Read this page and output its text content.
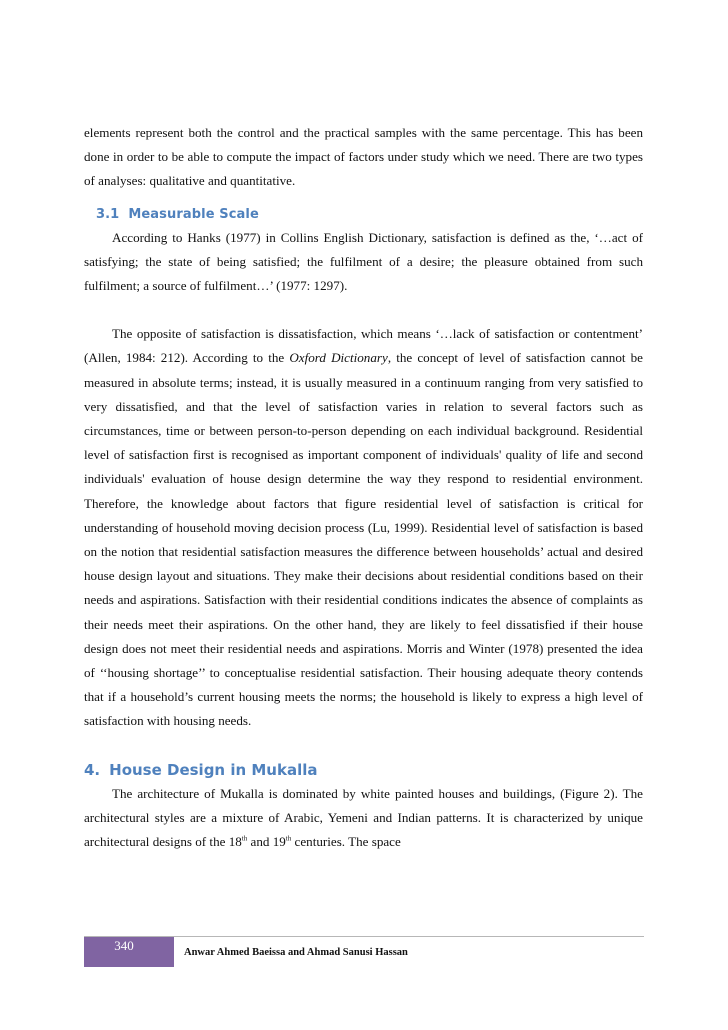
elements represent both the control and the practical samples with the same percentage. This has been done in order to be able to compute the impact of factors under study which we need. There are two types of analyses: qualitative and quantitative.

3.1 Measurable Scale

According to Hanks (1977) in Collins English Dictionary, satisfaction is defined as the, ‘…act of satisfying; the state of being satisfied; the fulfilment of a desire; the pleasure obtained from such fulfilment; a source of fulfilment…’ (1977: 1297).

The opposite of satisfaction is dissatisfaction, which means ‘…lack of satisfaction or contentment’ (Allen, 1984: 212). According to the Oxford Dictionary, the concept of level of satisfaction cannot be measured in absolute terms; instead, it is usually measured in a continuum ranging from very satisfied to very dissatisfied, and that the level of satisfaction varies in relation to several factors such as circumstances, time or between person-to-person depending on each individual background. Residential level of satisfaction first is recognised as important component of individuals' quality of life and second individuals' evaluation of house design determine the way they respond to residential environment. Therefore, the knowledge about factors that figure residential level of satisfaction is critical for understanding of household moving decision process (Lu, 1999). Residential level of satisfaction is based on the notion that residential satisfaction measures the difference between households’ actual and desired house design layout and situations. They make their decisions about residential conditions based on their needs and aspirations. Satisfaction with their residential conditions indicates the absence of complaints as their needs meet their aspirations. On the other hand, they are likely to feel dissatisfied if their house design does not meet their residential needs and aspirations. Morris and Winter (1978) presented the idea of ‘‘housing shortage’’ to conceptualise residential satisfaction. Their housing adequate theory contends that if a household’s current housing meets the norms; the household is likely to express a high level of satisfaction with housing needs.

4. House Design in Mukalla

The architecture of Mukalla is dominated by white painted houses and buildings, (Figure 2). The architectural styles are a mixture of Arabic, Yemeni and Indian patterns. It is characterized by unique architectural designs of the 18th and 19th centuries. The space

340	Anwar Ahmed Baeissa and Ahmad Sanusi Hassan
